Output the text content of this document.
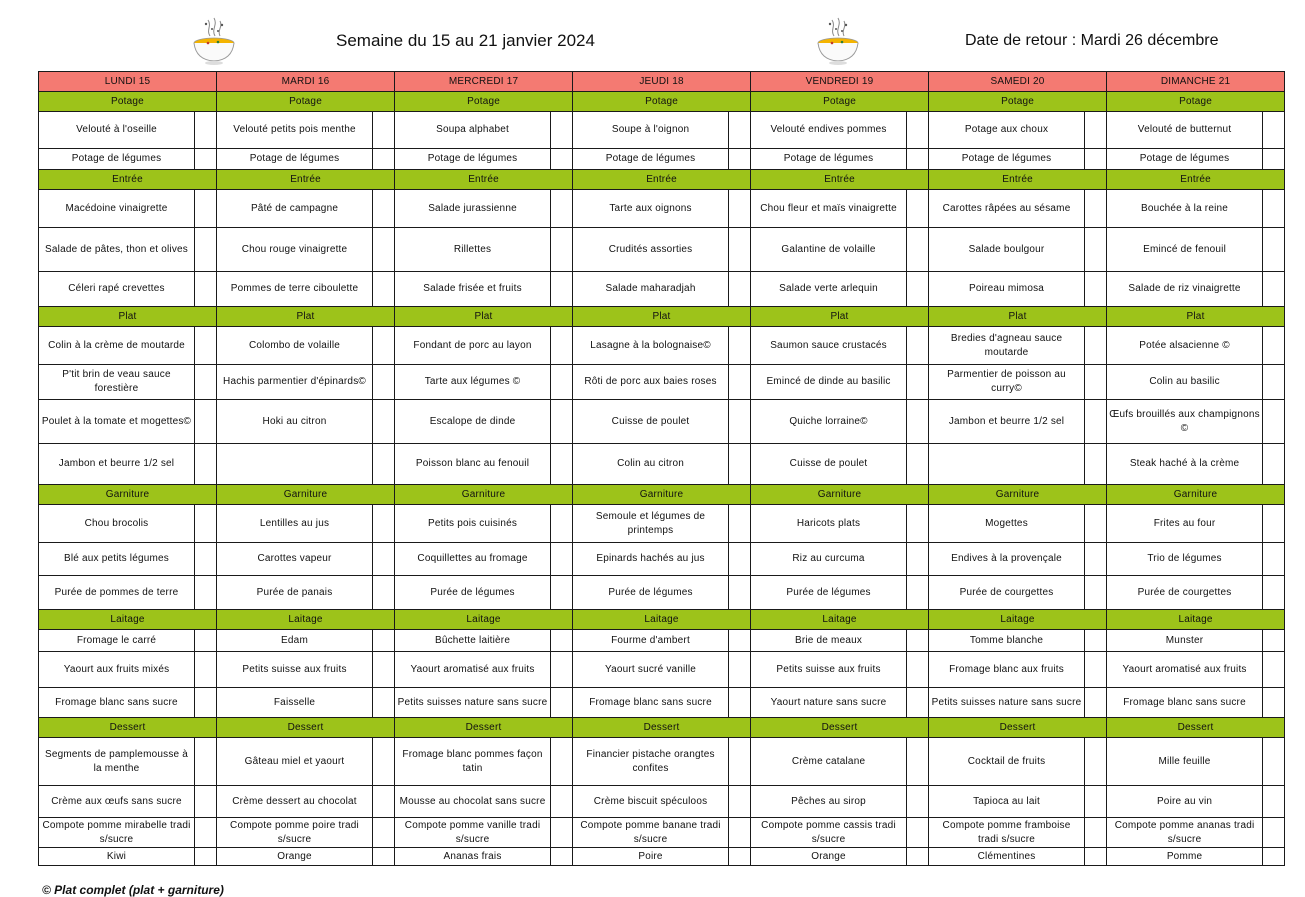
Semaine du 15 au 21 janvier 2024	Date de retour : Mardi 26 décembre
LUNDI 15		MARDI 16		MERCREDI 17		JEUDI 18		VENDREDI 19		SAMEDI 20		DIMANCHE 21	
Potage		Potage		Potage		Potage		Potage		Potage		Potage	
Velouté à l'oseille		Velouté petits pois menthe		Soupa alphabet		Soupe à l'oignon		Velouté endives pommes		Potage aux choux		Velouté de butternut	
Potage de légumes		Potage de légumes		Potage de légumes		Potage de légumes		Potage de légumes		Potage de légumes		Potage de légumes	
Entrée		Entrée		Entrée		Entrée		Entrée		Entrée		Entrée	
Macédoine vinaigrette		Pâté de campagne		Salade jurassienne		Tarte aux oignons		Chou fleur et maïs vinaigrette		Carottes râpées au sésame		Bouchée à la reine	
Salade de pâtes, thon et olives		Chou rouge vinaigrette		Rillettes		Crudités assorties		Galantine de volaille		Salade boulgour		Emincé de fenouil	
Céleri rapé crevettes		Pommes de terre ciboulette		Salade frisée et fruits		Salade maharadjah		Salade verte arlequin		Poireau mimosa		Salade de riz vinaigrette	
Plat		Plat		Plat		Plat		Plat		Plat		Plat	
Colin à la crème de moutarde		Colombo de volaille		Fondant de porc au layon		Lasagne à la bolognaise©		Saumon sauce crustacés		Bredies d'agneau sauce moutarde		Potée alsacienne ©	
P'tit brin de veau sauce forestière		Hachis parmentier d'épinards©		Tarte aux légumes ©		Rôti de porc aux baies roses		Emincé de dinde au basilic		Parmentier de poisson au curry©		Colin au basilic	
Poulet à la tomate et mogettes©		Hoki au citron		Escalope de dinde		Cuisse de poulet		Quiche lorraine©		Jambon et beurre 1/2 sel		Œufs brouillés aux champignons ©	
Jambon et beurre 1/2 sel				Poisson blanc au fenouil		Colin au citron		Cuisse de poulet				Steak haché à la crème	
Garniture		Garniture		Garniture		Garniture		Garniture		Garniture		Garniture	
Chou brocolis		Lentilles au jus		Petits pois cuisinés		Semoule et légumes de printemps		Haricots plats		Mogettes		Frites au four	
Blé aux petits légumes		Carottes vapeur		Coquillettes au fromage		Epinards hachés au jus		Riz au curcuma		Endives à la provençale		Trio de légumes	
Purée de pommes de terre		Purée de panais		Purée de légumes		Purée de légumes		Purée de légumes		Purée de courgettes		Purée de courgettes	
Laitage		Laitage		Laitage		Laitage		Laitage		Laitage		Laitage	
Fromage le carré		Edam		Bûchette laitière		Fourme d'ambert		Brie de meaux		Tomme blanche		Munster	
Yaourt aux fruits mixés		Petits suisse aux fruits		Yaourt aromatisé aux fruits		Yaourt sucré vanille		Petits suisse aux fruits		Fromage blanc aux fruits		Yaourt aromatisé aux fruits	
Fromage blanc sans sucre		Faisselle		Petits suisses nature sans sucre		Fromage blanc sans sucre		Yaourt nature sans sucre		Petits suisses nature sans sucre		Fromage blanc sans sucre	
Dessert		Dessert		Dessert		Dessert		Dessert		Dessert		Dessert	
Segments de pamplemousse à la menthe		Gâteau miel et yaourt		Fromage blanc pommes façon tatin		Financier pistache orangtes confites		Crème catalane		Cocktail de fruits		Mille feuille	
Crème aux œufs sans sucre		Crème dessert au chocolat		Mousse au chocolat sans sucre		Crème biscuit spéculoos		Pêches au sirop		Tapioca au lait		Poire au vin	
Compote pomme mirabelle tradi s/sucre		Compote pomme poire tradi s/sucre		Compote pomme vanille tradi s/sucre		Compote pomme banane tradi s/sucre		Compote pomme cassis tradi s/sucre		Compote pomme framboise tradi s/sucre		Compote pomme ananas tradi s/sucre	
Kiwi		Orange		Ananas frais		Poire		Orange		Clémentines		Pomme	
© Plat complet (plat + garniture)
